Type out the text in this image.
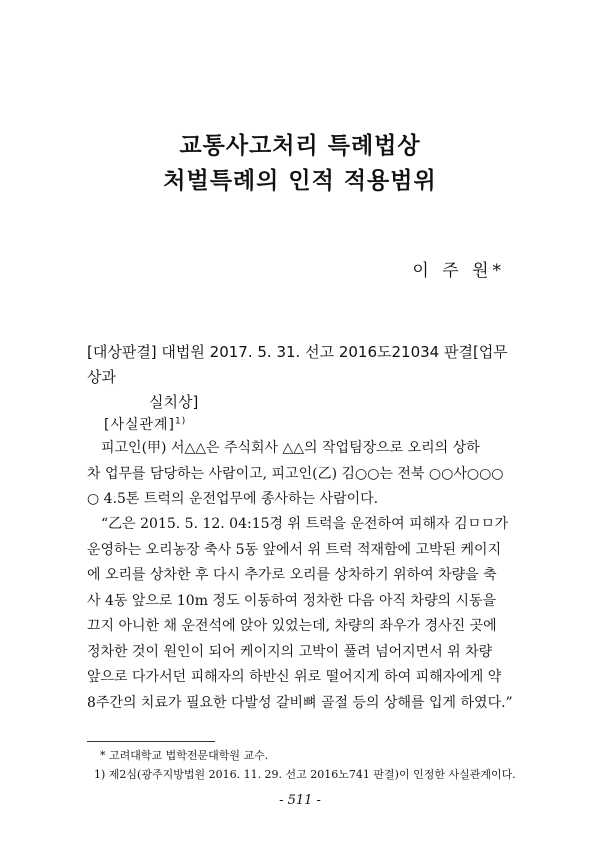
교통사고처리 특례법상
처벌특례의 인적 적용범위
이 주 원*
[대상판결] 대법원 2017. 5. 31. 선고 2016도21034 판결[업무상과
실치상]
[사실관계]$^{1)}$
　피고인(甲) 서△△은 주식회사 △△의 작업팀장으로 오리의 상하
차 업무를 담당하는 사람이고, 피고인(乙) 김○○는 전북 ○○사○○○
○ 4.5톤 트럭의 운전업무에 종사하는 사람이다.
　“乙은 2015. 5. 12. 04:15경 위 트럭을 운전하여 피해자 김ㅁㅁ가
운영하는 오리농장 축사 5동 앞에서 위 트럭 적재함에 고박된 케이지
에 오리를 상차한 후 다시 추가로 오리를 상차하기 위하여 차량을 축
사 4동 앞으로 10m 정도 이동하여 정차한 다음 아직 차량의 시동을
끄지 아니한 채 운전석에 앉아 있었는데, 차량의 좌우가 경사진 곳에
정차한 것이 원인이 되어 케이지의 고박이 풀려 넘어지면서 위 차량
앞으로 다가서던 피해자의 하반신 위로 떨어지게 하여 피해자에게 약
8주간의 치료가 필요한 다발성 갈비뼈 골절 등의 상해를 입게 하였다.”
* 고려대학교 법학전문대학원 교수.
1) 제2심(광주지방법원 2016. 11. 29. 선고 2016노741 판결)이 인정한 사실관계이다.
- 511 -
